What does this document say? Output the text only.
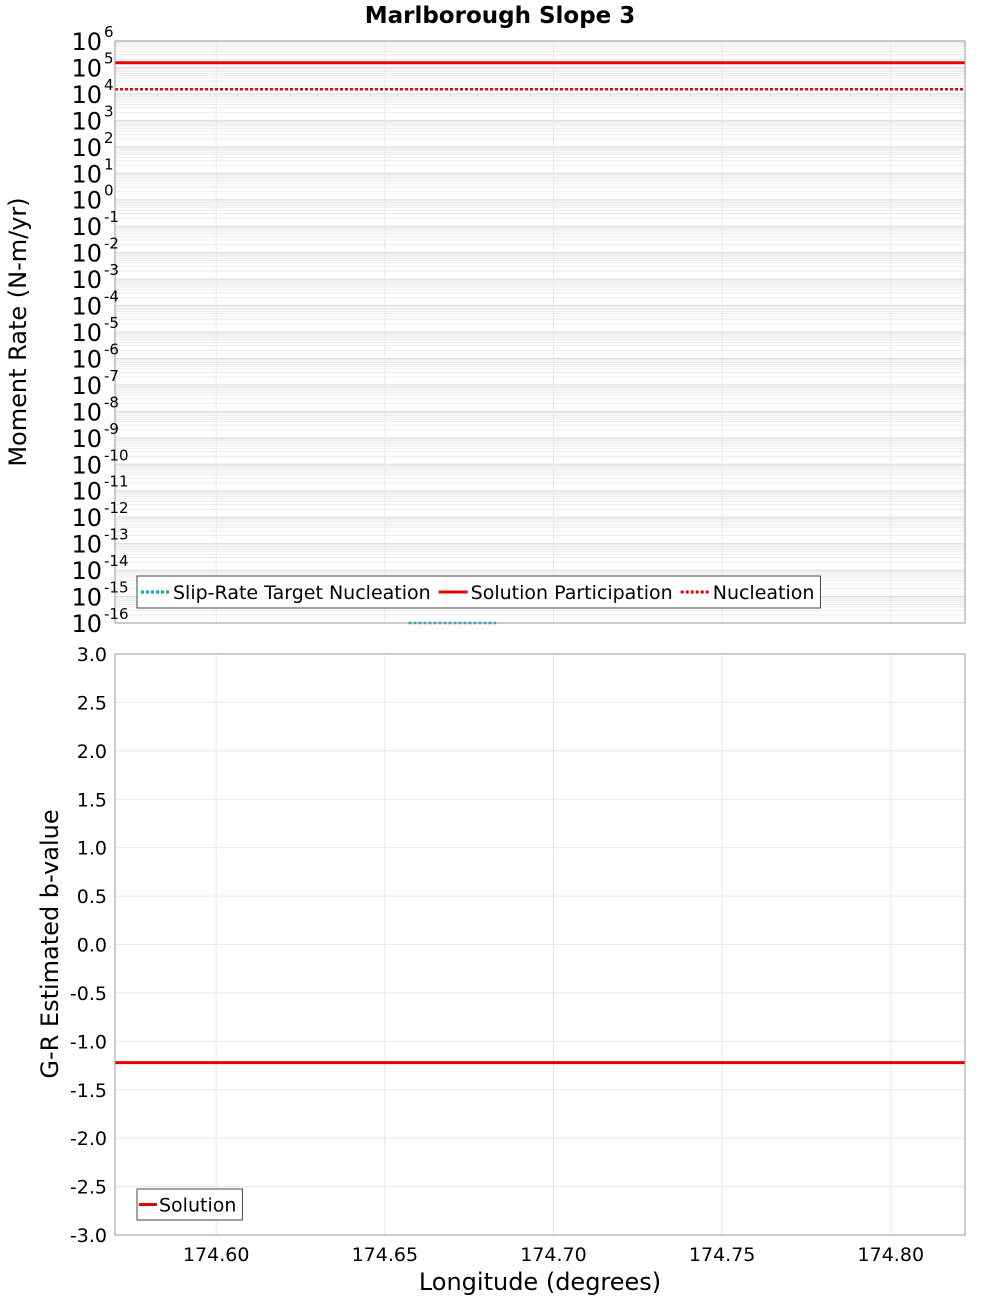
Marlborough Slope 3
10 6
10 5
10 4
10 3
10 2
10 1
10 0
10 -1
10 -2
10 -3
10 -4
10 -5
10 -6
10 -7
10 -8
10 -9
10 -10
10 -11
10 -12
10 -13
10 -14
10 -15
10 -16
Moment Rate (N-m/yr)
Slip-Rate Target Nucleation Solution Participation Nucleation
3.0
2.5
2.0
1.5
1.0
0.5
0.0
-0.5
-1.0
-1.5
-2.0
-2.5
-3.0
174.60	174.65	174.70	174.75	174.80
G-R Estimated b-value
Longitude (degrees)
Solution
